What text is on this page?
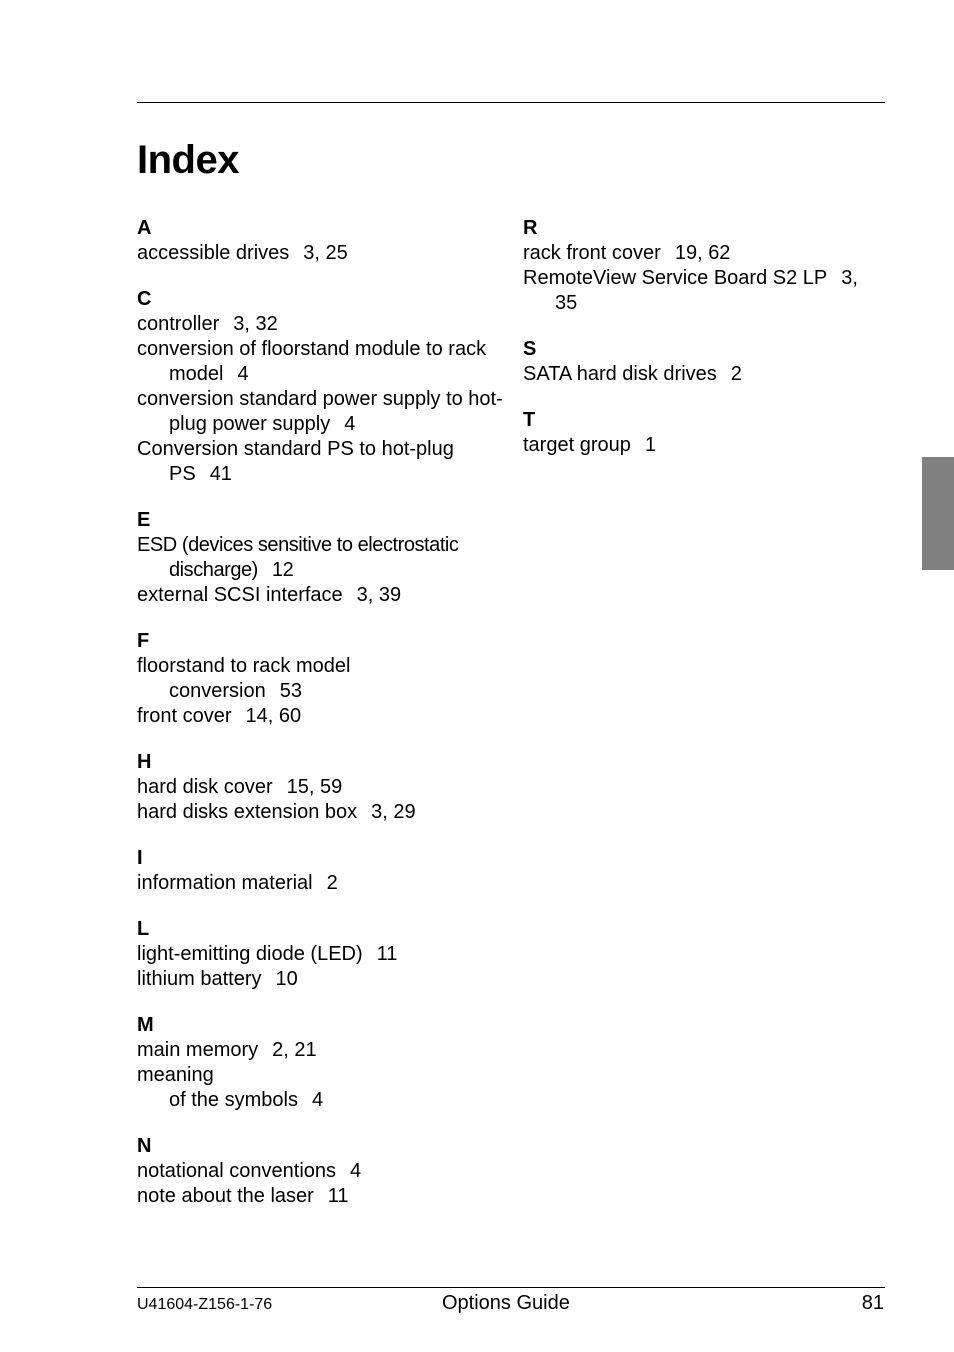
Index
A
accessible drives 3, 25
C
controller 3, 32
conversion of floorstand module to rack model 4
conversion standard power supply to hot-plug power supply 4
Conversion standard PS to hot-plug PS 41
E
ESD (devices sensitive to electrostatic discharge) 12
external SCSI interface 3, 39
F
floorstand to rack model conversion 53
front cover 14, 60
H
hard disk cover 15, 59
hard disks extension box 3, 29
I
information material 2
L
light-emitting diode (LED) 11
lithium battery 10
M
main memory 2, 21
meaning
of the symbols 4
N
notational conventions 4
note about the laser 11
R
rack front cover 19, 62
RemoteView Service Board S2 LP 3, 35
S
SATA hard disk drives 2
T
target group 1
U41604-Z156-1-76	Options Guide	81
